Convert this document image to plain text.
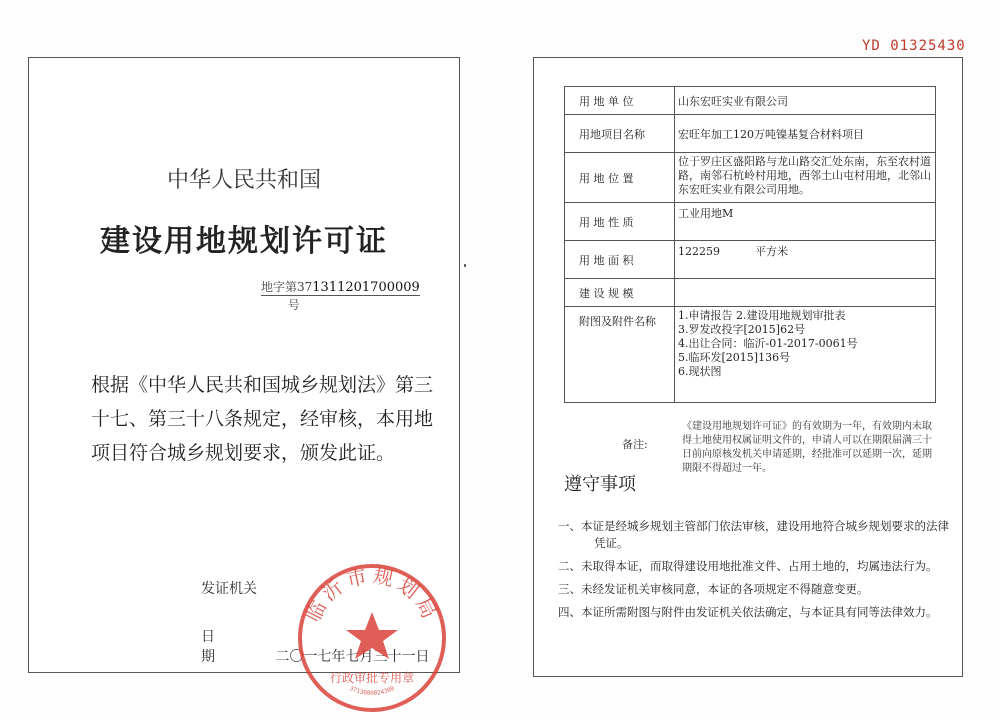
YD 01325430
中华人民共和国
建设用地规划许可证
地字第371311201700009        号
根据《中华人民共和国城乡规划法》第三十七、第三十八条规定，经审核，本用地项目符合城乡规划要求，颁发此证。
发证机关
日 期	二〇一七年七月三十一日
临沂市规划局
行政审批专用章
3713000024300
用 地 单 位	山东宏旺实业有限公司
用地项目名称	宏旺年加工120万吨镍基复合材料项目
用 地 位 置	位于罗庄区盛阳路与龙山路交汇处东南，东至农村道路，南邻石杭岭村用地，西邻土山屯村用地，北邻山东宏旺实业有限公司用地。
用 地 性 质	工业用地M
用 地 面 积	122259 平方米
建 设 规 模	
附图及附件名称	1.申请报告 2.建设用地规划审批表
3.罗发改投字[2015]62号
4.出让合同：临沂-01-2017-0061号
5.临环发[2015]136号
6.现状图
备注:
《建设用地规划许可证》的有效期为一年，有效期内未取得土地使用权属证明文件的，申请人可以在期限届满三十日前向原核发机关申请延期，经批准可以延期一次，延期期限不得超过一年。
遵守事项
一、本证是经城乡规划主管部门依法审核，建设用地符合城乡规划要求的法律凭证。
二、未取得本证，而取得建设用地批准文件、占用土地的，均属违法行为。
三、未经发证机关审核同意，本证的各项规定不得随意变更。
四、本证所需附图与附件由发证机关依法确定，与本证具有同等法律效力。
